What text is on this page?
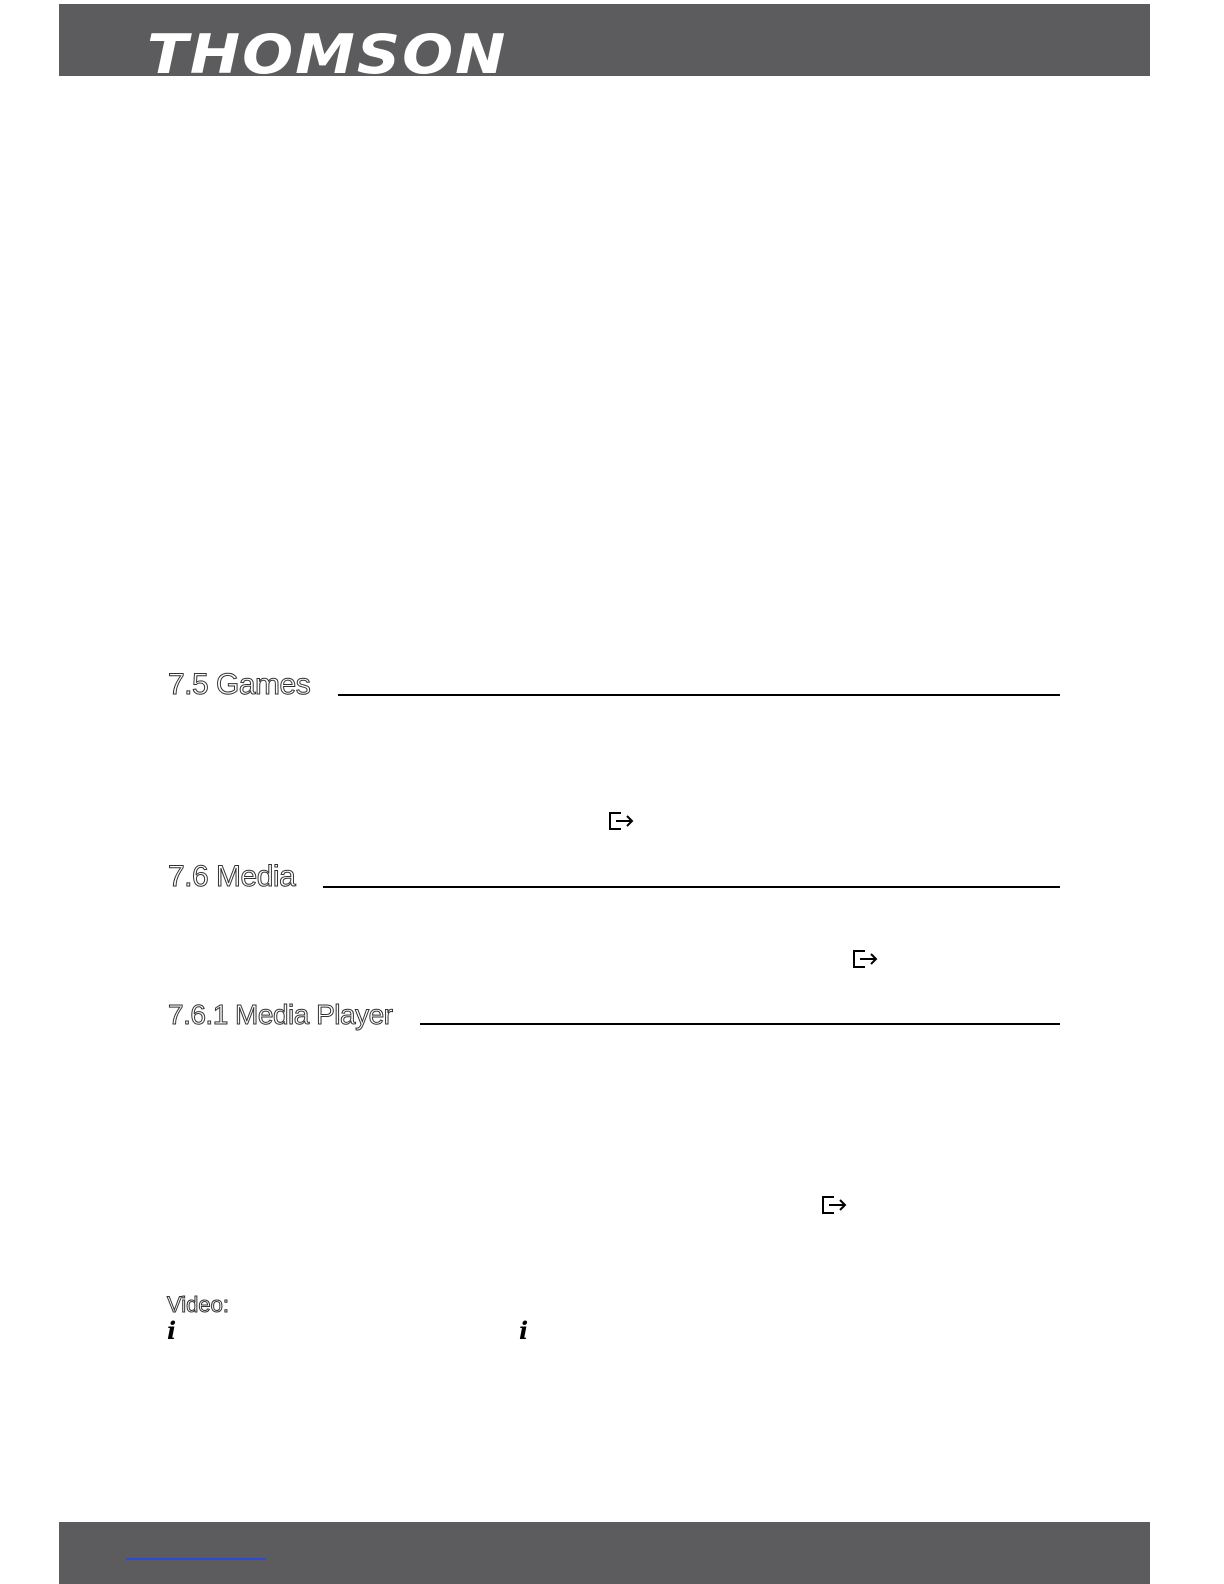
THOMSON
7.5 Games
7.6 Media
7.6.1 Media Player
Video:
i	i
